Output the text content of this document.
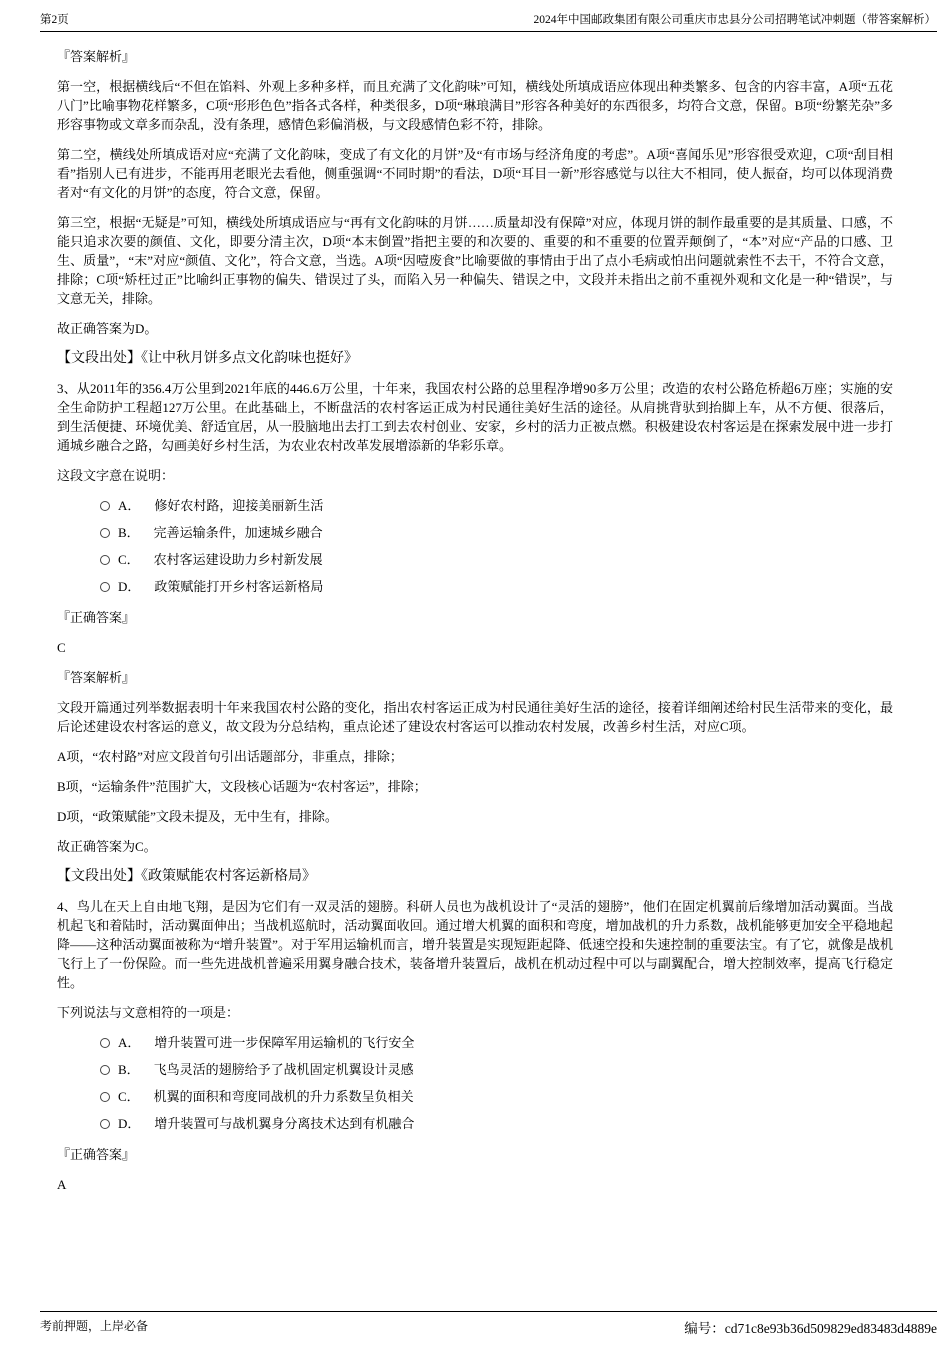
第2页	2024年中国邮政集团有限公司重庆市忠县分公司招聘笔试冲刺题（带答案解析）

『答案解析』

第一空，根据横线后“不但在馅料、外观上多种多样，而且充满了文化韵味”可知，横线处所填成语应体现出种类繁多、包含的内容丰富，A项“五花八门”比喻事物花样繁多，C项“形形色色”指各式各样，种类很多，D项“琳琅满目”形容各种美好的东西很多，均符合文意，保留。B项“纷繁芜杂”多形容事物或文章多而杂乱，没有条理，感情色彩偏消极，与文段感情色彩不符，排除。

第二空，横线处所填成语对应“充满了文化韵味，变成了有文化的月饼”及“有市场与经济角度的考虑”。A项“喜闻乐见”形容很受欢迎，C项“刮目相看”指别人已有进步，不能再用老眼光去看他，侧重强调“不同时期”的看法，D项“耳目一新”形容感觉与以往大不相同，使人振奋，均可以体现消费者对“有文化的月饼”的态度，符合文意，保留。

第三空，根据“无疑是”可知，横线处所填成语应与“再有文化韵味的月饼……质量却没有保障”对应，体现月饼的制作最重要的是其质量、口感，不能只追求次要的颜值、文化，即要分清主次，D项“本末倒置”指把主要的和次要的、重要的和不重要的位置弄颠倒了，“本”对应“产品的口感、卫生、质量”，“末”对应“颜值、文化”，符合文意，当选。A项“因噎废食”比喻要做的事情由于出了点小毛病或怕出问题就索性不去干，不符合文意，排除；C项“矫枉过正”比喻纠正事物的偏失、错误过了头，而陷入另一种偏失、错误之中，文段并未指出之前不重视外观和文化是一种“错误”，与文意无关，排除。

故正确答案为D。

【文段出处】《让中秋月饼多点文化韵味也挺好》

3、从2011年的356.4万公里到2021年底的446.6万公里，十年来，我国农村公路的总里程净增90多万公里；改造的农村公路危桥超6万座；实施的安全生命防护工程超127万公里。在此基础上，不断盘活的农村客运正成为村民通往美好生活的途径。从肩挑背驮到抬脚上车，从不方便、很落后，到生活便捷、环境优美、舒适宜居，从一股脑地出去打工到去农村创业、安家，乡村的活力正被点燃。积极建设农村客运是在探索发展中进一步打通城乡融合之路，勾画美好乡村生活，为农业农村改革发展增添新的华彩乐章。

这段文字意在说明：

A． 修好农村路，迎接美丽新生活
B． 完善运输条件，加速城乡融合
C． 农村客运建设助力乡村新发展
D． 政策赋能打开乡村客运新格局

『正确答案』

C

『答案解析』

文段开篇通过列举数据表明十年来我国农村公路的变化，指出农村客运正成为村民通往美好生活的途径，接着详细阐述给村民生活带来的变化，最后论述建设农村客运的意义，故文段为分总结构，重点论述了建设农村客运可以推动农村发展，改善乡村生活，对应C项。

A项，“农村路”对应文段首句引出话题部分，非重点，排除；

B项，“运输条件”范围扩大，文段核心话题为“农村客运”，排除；

D项，“政策赋能”文段未提及，无中生有，排除。

故正确答案为C。

【文段出处】《政策赋能农村客运新格局》

4、鸟儿在天上自由地飞翔，是因为它们有一双灵活的翅膀。科研人员也为战机设计了“灵活的翅膀”，他们在固定机翼前后缘增加活动翼面。当战机起飞和着陆时，活动翼面伸出；当战机巡航时，活动翼面收回。通过增大机翼的面积和弯度，增加战机的升力系数，战机能够更加安全平稳地起降——这种活动翼面被称为“增升装置”。对于军用运输机而言，增升装置是实现短距起降、低速空投和失速控制的重要法宝。有了它，就像是战机飞行上了一份保险。而一些先进战机普遍采用翼身融合技术，装备增升装置后，战机在机动过程中可以与副翼配合，增大控制效率，提高飞行稳定性。

下列说法与文意相符的一项是：

A． 增升装置可进一步保障军用运输机的飞行安全
B． 飞鸟灵活的翅膀给予了战机固定机翼设计灵感
C． 机翼的面积和弯度同战机的升力系数呈负相关
D． 增升装置可与战机翼身分离技术达到有机融合

『正确答案』

A

考前押题，上岸必备	编号：cd71c8e93b36d509829ed83483d4889e
